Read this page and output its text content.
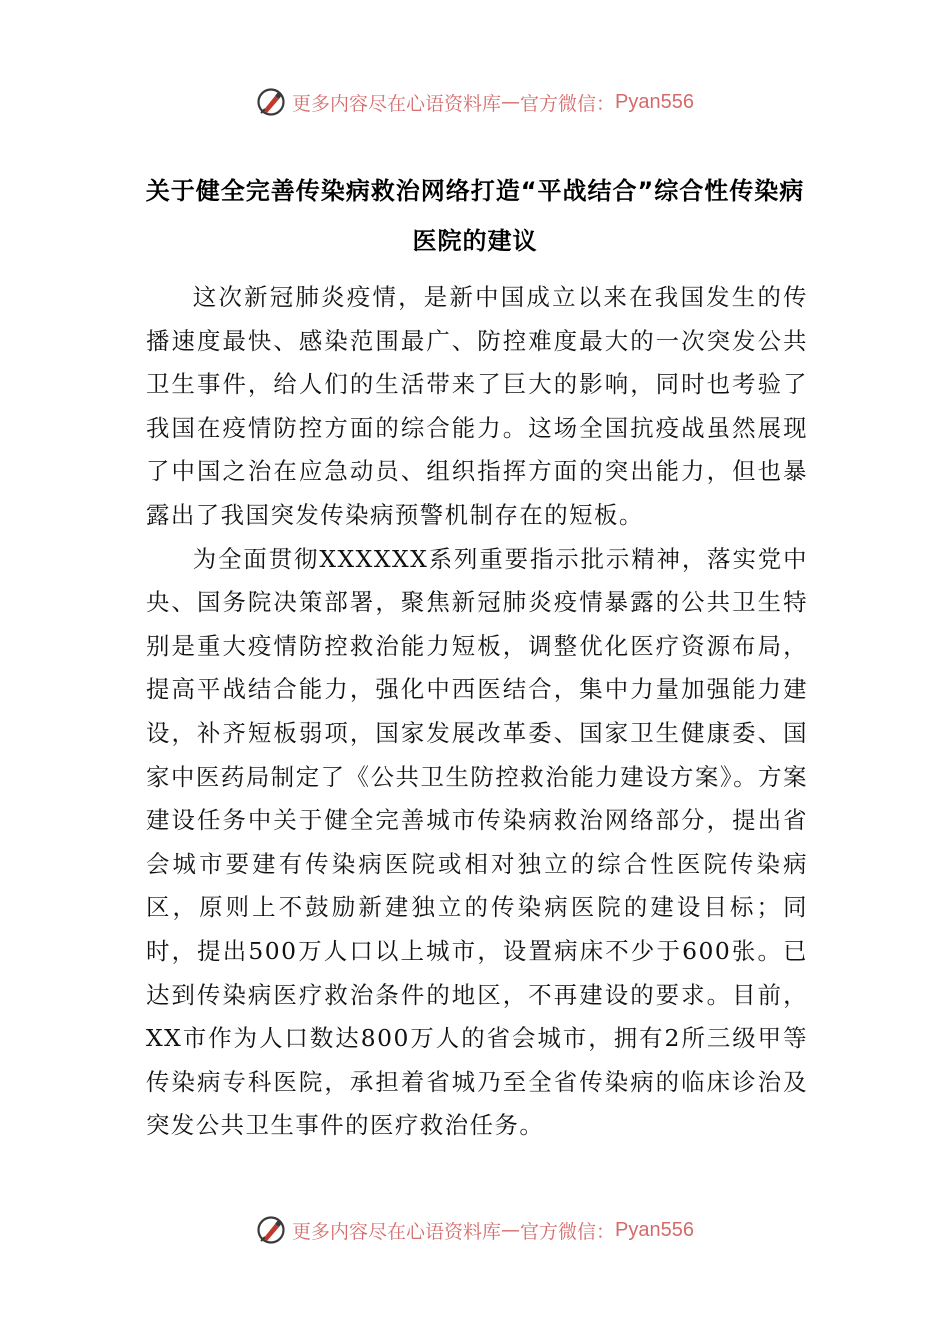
更多内容尽在心语资料库 — 官方微信： Pyan556
关于健全完善传染病救治网络打造“平战结合”综合性传染病医院的建议

这次新冠肺炎疫情，是新中国成立以来在我国发生的传播速度最快、感染范围最广、防控难度最大的一次突发公共卫生事件，给人们的生活带来了巨大的影响，同时也考验了我国在疫情防控方面的综合能力。这场全国抗疫战虽然展现了中国之治在应急动员、组织指挥方面的突出能力，但也暴露出了我国突发传染病预警机制存在的短板。

为全面贯彻XXXXXX系列重要指示批示精神，落实党中央、国务院决策部署，聚焦新冠肺炎疫情暴露的公共卫生特别是重大疫情防控救治能力短板，调整优化医疗资源布局，提高平战结合能力，强化中西医结合，集中力量加强能力建设，补齐短板弱项，国家发展改革委、国家卫生健康委、国家中医药局制定了《公共卫生防控救治能力建设方案》。方案建设任务中关于健全完善城市传染病救治网络部分，提出省会城市要建有传染病医院或相对独立的综合性医院传染病区，原则上不鼓励新建独立的传染病医院的建设目标；同时，提出500万人口以上城市，设置病床不少于600张。已达到传染病医疗救治条件的地区，不再建设的要求。目前，XX市作为人口数达800万人的省会城市，拥有2所三级甲等传染病专科医院，承担着省城乃至全省传染病的临床诊治及突发公共卫生事件的医疗救治任务。

更多内容尽在心语资料库 — 官方微信： Pyan556
